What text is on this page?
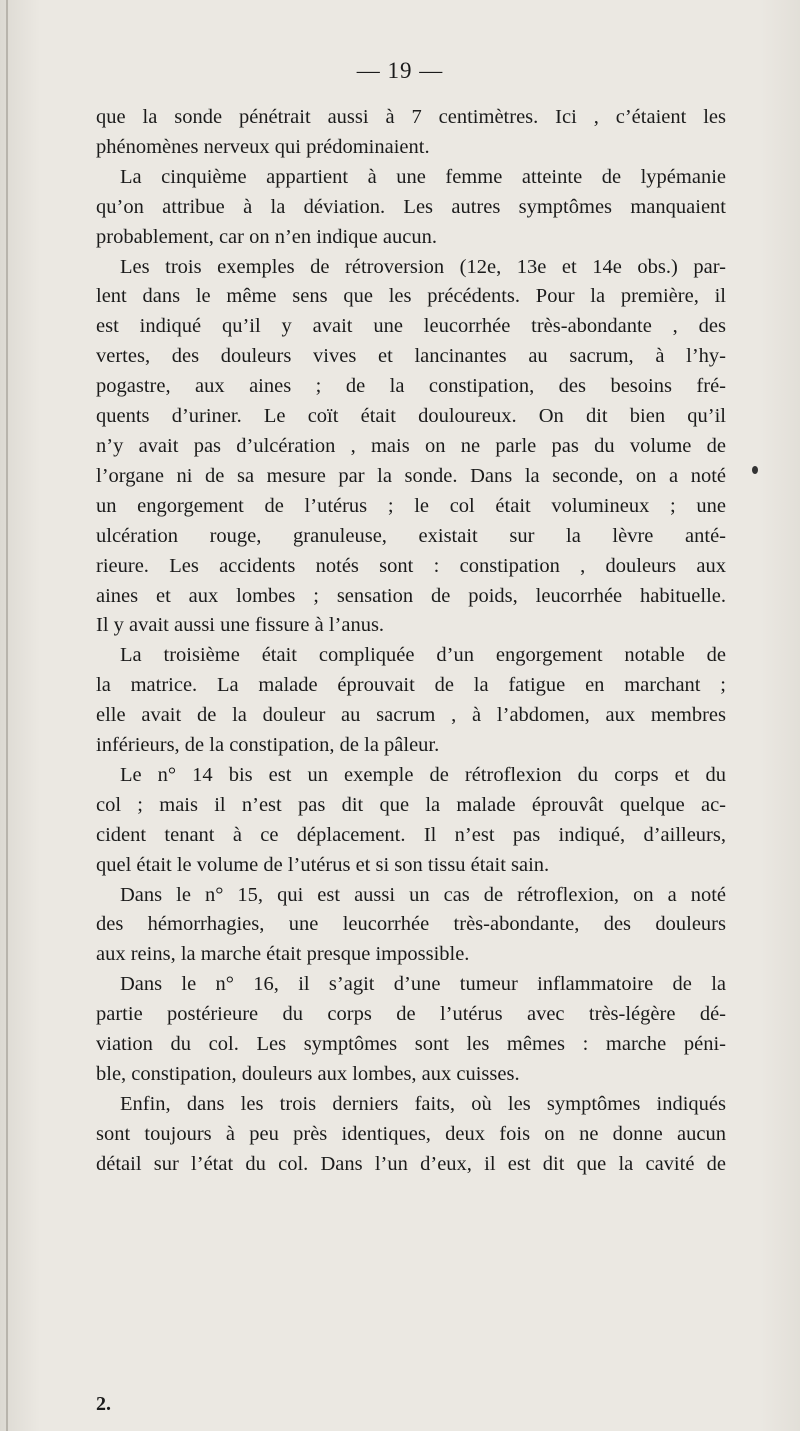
— 19 —
que la sonde pénétrait aussi à 7 centimètres. Ici , c’étaient les
phénomènes nerveux qui prédominaient.
La cinquième appartient à une femme atteinte de lypémanie
qu’on attribue à la déviation. Les autres symptômes manquaient
probablement, car on n’en indique aucun.
Les trois exemples de rétroversion (12e, 13e et 14e obs.) par-
lent dans le même sens que les précédents. Pour la première, il
est indiqué qu’il y avait une leucorrhée très-abondante , des
vertes, des douleurs vives et lancinantes au sacrum, à l’hy-
pogastre, aux aines ; de la constipation, des besoins fré-
quents d’uriner. Le coït était douloureux. On dit bien qu’il
n’y avait pas d’ulcération , mais on ne parle pas du volume de
l’organe ni de sa mesure par la sonde. Dans la seconde, on a noté
un engorgement de l’utérus ; le col était volumineux ; une
ulcération rouge, granuleuse, existait sur la lèvre anté-
rieure. Les accidents notés sont : constipation , douleurs aux
aines et aux lombes ; sensation de poids, leucorrhée habituelle.
Il y avait aussi une fissure à l’anus.
La troisième était compliquée d’un engorgement notable de
la matrice. La malade éprouvait de la fatigue en marchant ;
elle avait de la douleur au sacrum , à l’abdomen, aux membres
inférieurs, de la constipation, de la pâleur.
Le n° 14 bis est un exemple de rétroflexion du corps et du
col ; mais il n’est pas dit que la malade éprouvât quelque ac-
cident tenant à ce déplacement. Il n’est pas indiqué, d’ailleurs,
quel était le volume de l’utérus et si son tissu était sain.
Dans le n° 15, qui est aussi un cas de rétroflexion, on a noté
des hémorrhagies, une leucorrhée très-abondante, des douleurs
aux reins, la marche était presque impossible.
Dans le n° 16, il s’agit d’une tumeur inflammatoire de la
partie postérieure du corps de l’utérus avec très-légère dé-
viation du col. Les symptômes sont les mêmes : marche péni-
ble, constipation, douleurs aux lombes, aux cuisses.
Enfin, dans les trois derniers faits, où les symptômes indiqués
sont toujours à peu près identiques, deux fois on ne donne aucun
détail sur l’état du col. Dans l’un d’eux, il est dit que la cavité de
2.
